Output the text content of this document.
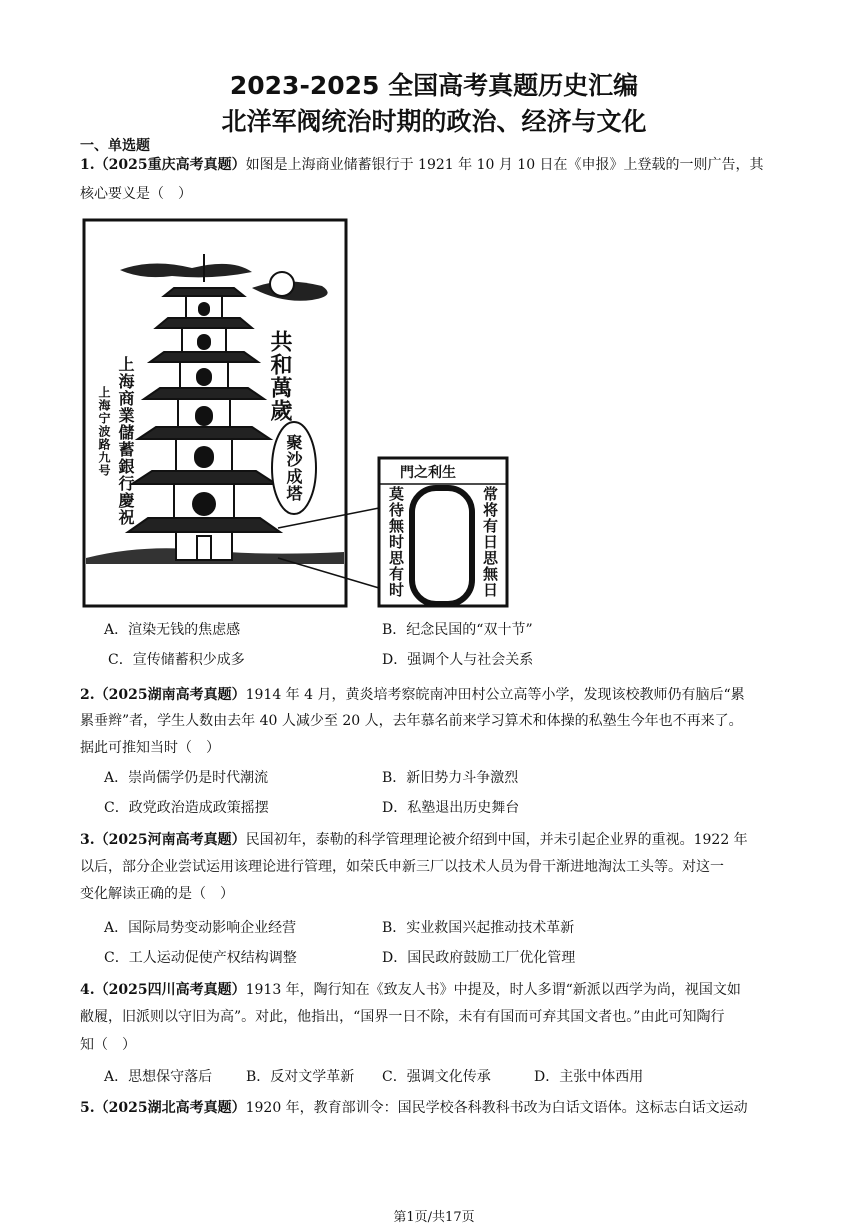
2023-2025 全国高考真题历史汇编
北洋军阀统治时期的政治、经济与文化
一、单选题
1.（2025重庆高考真题）如图是上海商业储蓄银行于 1921 年 10 月 10 日在《申报》上登载的一则广告，其
核心要义是（　）
共和萬歲
聚沙成塔
上海商業儲蓄銀行慶祝
上海宁波路九号	門之利生
常将有日思無日
莫待無时思有时
A．渲染无钱的焦虑感	B．纪念民国的“双十节”
C．宣传储蓄积少成多	D．强调个人与社会关系
2.（2025湖南高考真题）1914 年 4 月，黄炎培考察皖南冲田村公立高等小学，发现该校教师仍有脑后“累
累垂辫”者，学生人数由去年 40 人减少至 20 人，去年慕名前来学习算术和体操的私塾生今年也不再来了。
据此可推知当时（　）
A．崇尚儒学仍是时代潮流	B．新旧势力斗争激烈
C．政党政治造成政策摇摆	D．私塾退出历史舞台
3.（2025河南高考真题）民国初年，泰勒的科学管理理论被介绍到中国，并未引起企业界的重视。1922 年
以后，部分企业尝试运用该理论进行管理，如荣氏申新三厂以技术人员为骨干渐进地淘汰工头等。对这一
变化解读正确的是（　）
A．国际局势变动影响企业经营	B．实业救国兴起推动技术革新
C．工人运动促使产权结构调整	D．国民政府鼓励工厂优化管理
4.（2025四川高考真题）1913 年，陶行知在《致友人书》中提及，时人多谓“新派以西学为尚，视国文如
敝履，旧派则以守旧为高”。对此，他指出，“国界一日不除，未有有国而可弃其国文者也。”由此可知陶行
知（　）
A．思想保守落后 B．反对文学革新 C．强调文化传承	D．主张中体西用
5.（2025湖北高考真题）1920 年，教育部训令：国民学校各科教科书改为白话文语体。这标志白话文运动
第1页/共17页
